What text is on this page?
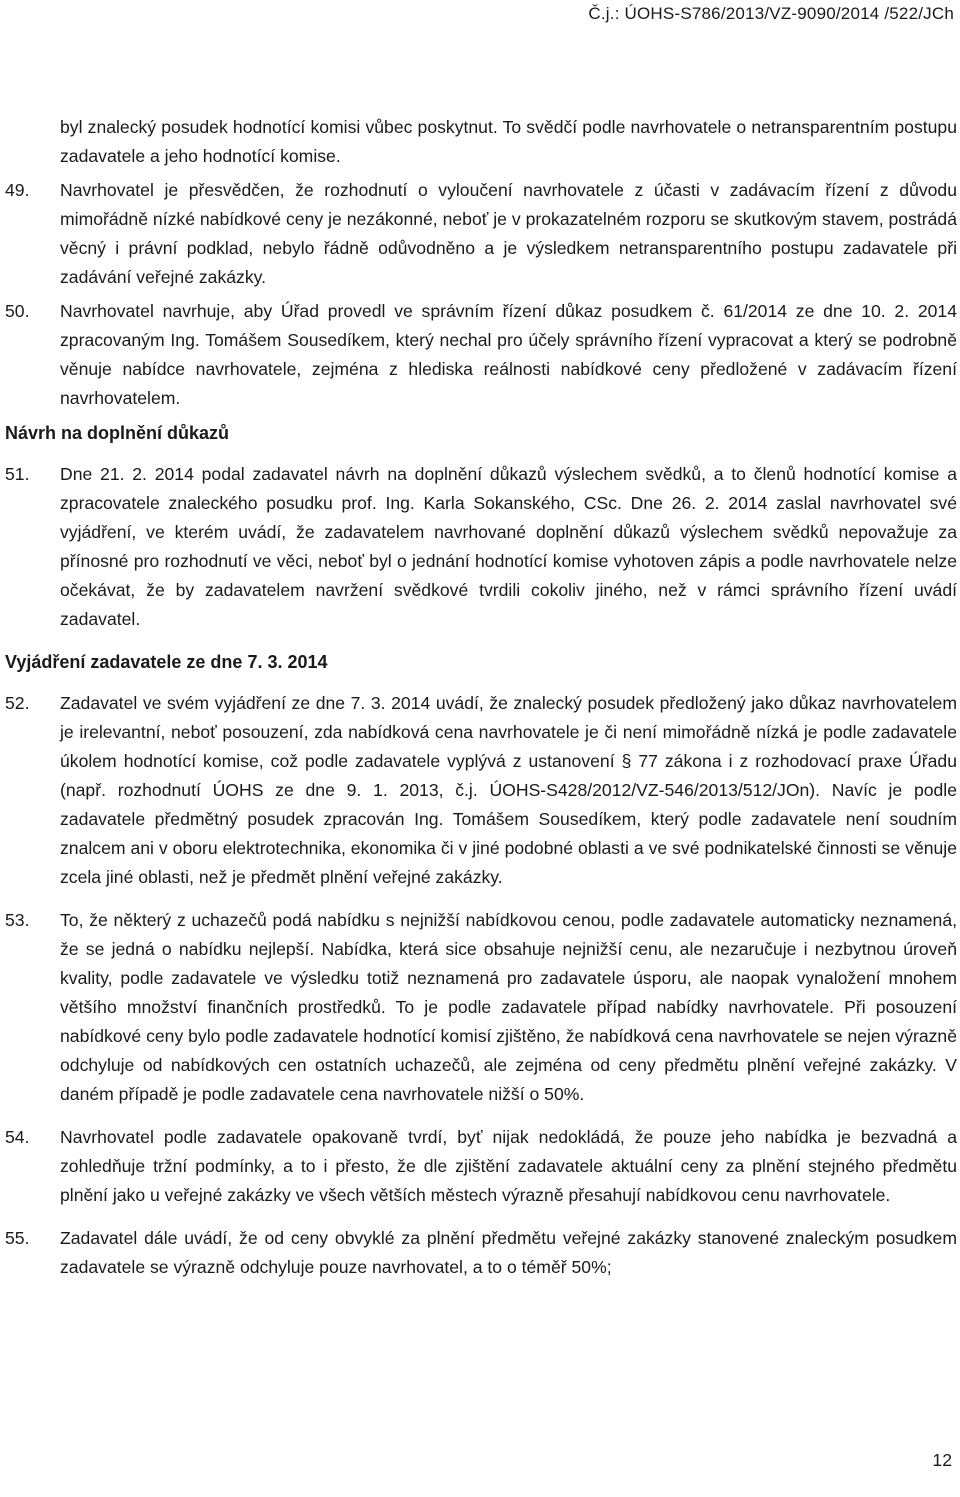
Č.j.: ÚOHS-S786/2013/VZ-9090/2014 /522/JCh
byl znalecký posudek hodnotící komisi vůbec poskytnut. To svědčí podle navrhovatele o netransparentním postupu zadavatele a jeho hodnotící komise.
49. Navrhovatel je přesvědčen, že rozhodnutí o vyloučení navrhovatele z účasti v zadávacím řízení z důvodu mimořádně nízké nabídkové ceny je nezákonné, neboť je v prokazatelném rozporu se skutkovým stavem, postrádá věcný i právní podklad, nebylo řádně odůvodněno a je výsledkem netransparentního postupu zadavatele při zadávání veřejné zakázky.
50. Navrhovatel navrhuje, aby Úřad provedl ve správním řízení důkaz posudkem č. 61/2014 ze dne 10. 2. 2014 zpracovaným Ing. Tomášem Sousedíkem, který nechal pro účely správního řízení vypracovat a který se podrobně věnuje nabídce navrhovatele, zejména z hlediska reálnosti nabídkové ceny předložené v zadávacím řízení navrhovatelem.
Návrh na doplnění důkazů
51. Dne 21. 2. 2014 podal zadavatel návrh na doplnění důkazů výslechem svědků, a to členů hodnotící komise a zpracovatele znaleckého posudku prof. Ing. Karla Sokanského, CSc. Dne 26. 2. 2014 zaslal navrhovatel své vyjádření, ve kterém uvádí, že zadavatelem navrhované doplnění důkazů výslechem svědků nepovažuje za přínosné pro rozhodnutí ve věci, neboť byl o jednání hodnotící komise vyhotoven zápis a podle navrhovatele nelze očekávat, že by zadavatelem navržení svědkové tvrdili cokoliv jiného, než v rámci správního řízení uvádí zadavatel.
Vyjádření zadavatele ze dne 7. 3. 2014
52. Zadavatel ve svém vyjádření ze dne 7. 3. 2014 uvádí, že znalecký posudek předložený jako důkaz navrhovatelem je irelevantní, neboť posouzení, zda nabídková cena navrhovatele je či není mimořádně nízká je podle zadavatele úkolem hodnotící komise, což podle zadavatele vyplývá z ustanovení § 77 zákona i z rozhodovací praxe Úřadu (např. rozhodnutí ÚOHS ze dne 9. 1. 2013, č.j. ÚOHS-S428/2012/VZ-546/2013/512/JOn). Navíc je podle zadavatele předmětný posudek zpracován Ing. Tomášem Sousedíkem, který podle zadavatele není soudním znalcem ani v oboru elektrotechnika, ekonomika či v jiné podobné oblasti a ve své podnikatelské činnosti se věnuje zcela jiné oblasti, než je předmět plnění veřejné zakázky.
53. To, že některý z uchazečů podá nabídku s nejnižší nabídkovou cenou, podle zadavatele automaticky neznamená, že se jedná o nabídku nejlepší. Nabídka, která sice obsahuje nejnižší cenu, ale nezaručuje i nezbytnou úroveň kvality, podle zadavatele ve výsledku totiž neznamená pro zadavatele úsporu, ale naopak vynaložení mnohem většího množství finančních prostředků. To je podle zadavatele případ nabídky navrhovatele. Při posouzení nabídkové ceny bylo podle zadavatele hodnotící komisí zjištěno, že nabídková cena navrhovatele se nejen výrazně odchyluje od nabídkových cen ostatních uchazečů, ale zejména od ceny předmětu plnění veřejné zakázky. V daném případě je podle zadavatele cena navrhovatele nižší o 50%.
54. Navrhovatel podle zadavatele opakovaně tvrdí, byť nijak nedokládá, že pouze jeho nabídka je bezvadná a zohledňuje tržní podmínky, a to i přesto, že dle zjištění zadavatele aktuální ceny za plnění stejného předmětu plnění jako u veřejné zakázky ve všech větších městech výrazně přesahují nabídkovou cenu navrhovatele.
55. Zadavatel dále uvádí, že od ceny obvyklé za plnění předmětu veřejné zakázky stanovené znaleckým posudkem zadavatele se výrazně odchyluje pouze navrhovatel, a to o téměř 50%;
12
